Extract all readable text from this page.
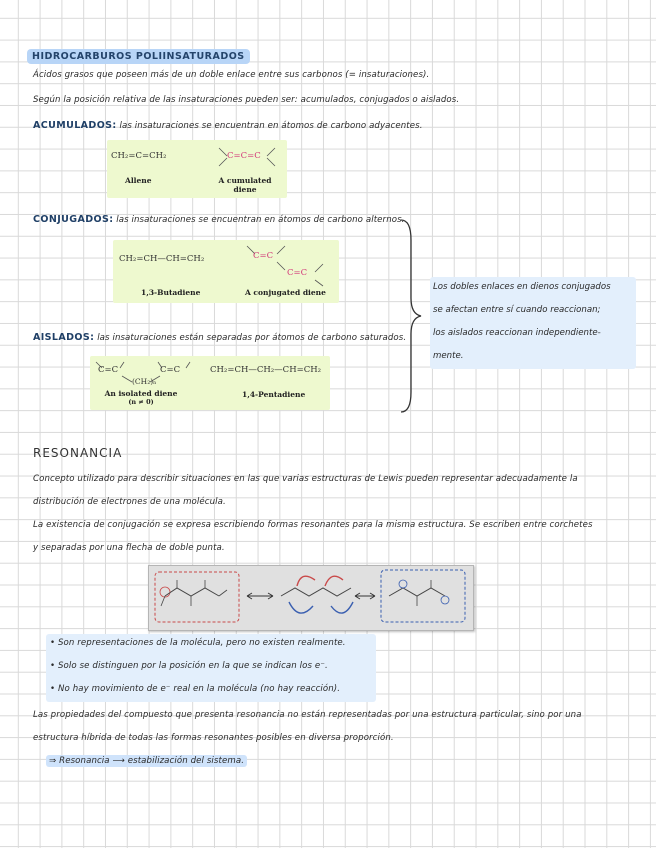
HIDROCARBUROS POLIINSATURADOS
Ácidos grasos que poseen más de un doble enlace entre sus carbonos (= insaturaciones).
Según la posición relativa de las insaturaciones pueden ser: acumulados, conjugados o aislados.
ACUMULADOS: las insaturaciones se encuentran en átomos de carbono adyacentes.
CH₂=C=CH₂
Allene
C=C=C
A cumulated
diene
CONJUGADOS: las insaturaciones se encuentran en átomos de carbono alternos.
CH₂=CH—CH=CH₂
1,3-Butadiene
C=C
C=C
A conjugated diene
AISLADOS: las insaturaciones están separadas por átomos de carbono saturados.
C=C	C=C
(CH₂)ₙ
An isolated diene
(n ≠ 0)
CH₂=CH—CH₂—CH=CH₂
1,4-Pentadiene
Los dobles enlaces en dienos conjugados
se afectan entre sí cuando reaccionan;
los aislados reaccionan independiente-
mente.
RESONANCIA
Concepto utilizado para describir situaciones en las que varias estructuras de Lewis pueden representar adecuadamente la
distribución de electrones de una molécula.
La existencia de conjugación se expresa escribiendo formas resonantes para la misma estructura. Se escriben entre corchetes
y separadas por una flecha de doble punta.
• Son representaciones de la molécula, pero no existen realmente.
• Solo se distinguen por la posición en la que se indican los e⁻.
• No hay movimiento de e⁻ real en la molécula (no hay reacción).
Las propiedades del compuesto que presenta resonancia no están representadas por una estructura particular, sino por una
estructura híbrida de todas las formas resonantes posibles en diversa proporción.
⇒ Resonancia ⟶ estabilización del sistema.
